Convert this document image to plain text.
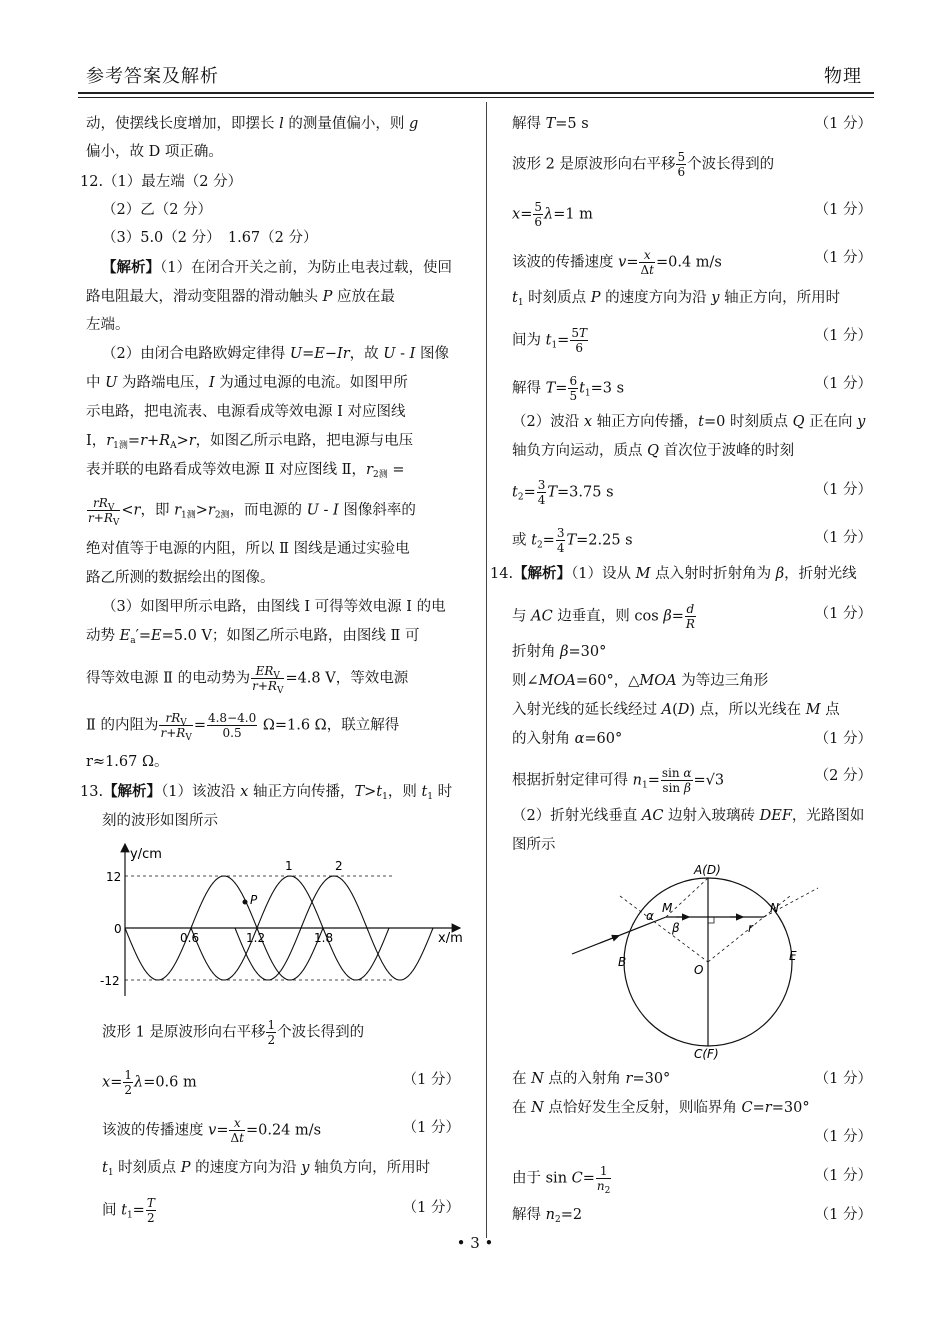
参考答案及解析	物理
动，使摆线长度增加，即摆长 l 的测量值偏小，则 g
偏小，故 D 项正确。
12.（1）最左端（2 分）
（2）乙（2 分）
（3）5.0（2 分）　1.67（2 分）
【解析】（1）在闭合开关之前，为防止电表过载，使回
路电阻最大，滑动变阻器的滑动触头 P 应放在最
左端。
（2）由闭合电路欧姆定律得 U=E−Ir，故 U - I 图像
中 U 为路端电压，I 为通过电源的电流。如图甲所
示电路，把电流表、电源看成等效电源 Ⅰ 对应图线
Ⅰ，$r_{1测}=r+R_A>r$，如图乙所示电路，把电源与电压
表并联的电路看成等效电源 Ⅱ 对应图线 Ⅱ，$r_{2测}$ =
$rR_V$
$r+R_V$
<r，即 $r_{1测}>r_{2测}$，而电源的 U - I 图像斜率的
绝对值等于电源的内阻，所以 Ⅱ 图线是通过实验电
路乙所测的数据绘出的图像。
（3）如图甲所示电路，由图线 Ⅰ 可得等效电源 Ⅰ 的电
动势 $E_a'=E=5.0$ V；如图乙所示电路，由图线 Ⅱ 可
得等效电源 Ⅱ 的电动势为 $ER_V$
$r+R_V$
=4.8 V，等效电源
Ⅱ 的内阻为 $rR_V$
$r+R_V$
= $\frac{4.8-4.0}{0.5} \Omega=1.6$ Ω，联立解得
r≈1.67 Ω。
13.【解析】（1）该波沿 x 轴正方向传播，$T>t_1$，则 $t_1$ 时
刻的波形如图所示
y/cm
x/m
12
0
-12
0.6	1.2	1.8
1	2
P
波形 1 是原波形向右平移 $\frac{1}{2}$ 个波长得到的
$x= \frac{1}{2} \lambda=0.6$ m	（1 分）
该波的传播速度 $v= \frac{x}{\Delta t} =0.24$ m/s	（1 分）
$t_1$ 时刻质点 P 的速度方向为沿 y 轴负方向，所用时
间 $t_1= \frac{T}{2}$	（1 分）
解得 T=5 s	（1 分）
波形 2 是原波形向右平移 $\frac{5}{6}$ 个波长得到的
$x= \frac{5}{6} \lambda=1$ m	（1 分）
该波的传播速度 $v= \frac{x}{\Delta t} =0.4$ m/s	（1 分）
$t_1$ 时刻质点 P 的速度方向为沿 y 轴正方向，所用时
间为 $t_1= \frac{5T}{6}$	（1 分）
解得 $T= \frac{6}{5} t_1=3$ s	（1 分）
（2）波沿 x 轴正方向传播，t=0 时刻质点 Q 正在向 y
轴负方向运动，质点 Q 首次位于波峰的时刻
$t_2= \frac{3}{4} T=3.75$ s	（1 分）
或 $t_2= \frac{3}{4} T=2.25$ s	（1 分）
14.【解析】（1）设从 M 点入射时折射角为 β，折射光线
与 AC 边垂直，则 $\cos \beta= \frac{d}{R}$	（1 分）
折射角 β=30°
则∠MOA=60°，△MOA 为等边三角形
入射光线的延长线经过 A(D) 点，所以光线在 M 点
的入射角 α=60°	（1 分）
根据折射定律可得 $n_1= \frac{\text{sin α}}{\text{sin β}} =√3$	（2 分）
（2）折射光线垂直 AC 边射入玻璃砖 DEF，光路图如
图所示
A(D)
C(F)
M	N
O
B	E
α
β	r
在 N 点的入射角 r=30°	（1 分）
在 N 点恰好发生全反射，则临界角 C=r=30°
（1 分）
由于 $\sin C= \frac{1}{n_2}$	（1 分）
解得 $n_2=2$	（1 分）
• 3 •
